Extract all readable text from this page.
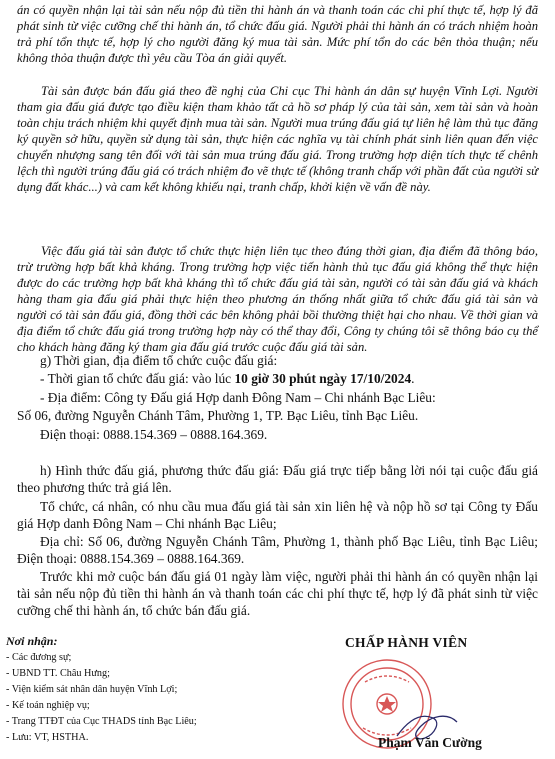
án có quyền nhận lại tài sản nếu nộp đủ tiền thi hành án và thanh toán các chi phí thực tế, hợp lý đã phát sinh từ việc cưỡng chế thi hành án, tổ chức đấu giá. Người phải thi hành án có trách nhiệm hoàn trả phí tổn thực tế, hợp lý cho người đăng ký mua tài sản. Mức phí tổn do các bên thỏa thuận; nếu không thỏa thuận được thì yêu cầu Tòa án giải quyết.
Tài sản được bán đấu giá theo đề nghị của Chi cục Thi hành án dân sự huyện Vĩnh Lợi. Người tham gia đấu giá được tạo điều kiện tham khảo tất cả hồ sơ pháp lý của tài sản, xem tài sản và hoàn toàn chịu trách nhiệm khi quyết định mua tài sản. Người mua trúng đấu giá tự liên hệ làm thủ tục đăng ký quyền sở hữu, quyền sử dụng tài sản, thực hiện các nghĩa vụ tài chính phát sinh liên quan đến việc chuyển nhượng sang tên đối với tài sản mua trúng đấu giá. Trong trường hợp diện tích thực tế chênh lệch thì người trúng đấu giá có trách nhiệm đo vẽ thực tế (không tranh chấp với phần đất của người sử dụng đất khác...) và cam kết không khiếu nại, tranh chấp, khởi kiện về vấn đề này.
Việc đấu giá tài sản được tổ chức thực hiện liên tục theo đúng thời gian, địa điểm đã thông báo, trừ trường hợp bất khả kháng. Trong trường hợp việc tiến hành thủ tục đấu giá không thể thực hiện được do các trường hợp bất khả kháng thì tổ chức đấu giá tài sản, người có tài sản đấu giá và khách hàng tham gia đấu giá phải thực hiện theo phương án thống nhất giữa tổ chức đấu giá tài sản và người có tài sản đấu giá, đồng thời các bên không phải bồi thường thiệt hại cho nhau. Về thời gian và địa điểm tổ chức đấu giá trong trường hợp này có thể thay đổi, Công ty chúng tôi sẽ thông báo cụ thể cho khách hàng đăng ký tham gia đấu giá trước cuộc đấu giá tài sản.
g) Thời gian, địa điểm tổ chức cuộc đấu giá:
- Thời gian tổ chức đấu giá: vào lúc 10 giờ 30 phút ngày 17/10/2024.
- Địa điểm: Công ty Đấu giá Hợp danh Đông Nam – Chi nhánh Bạc Liêu:
Số 06, đường Nguyễn Chánh Tâm, Phường 1, TP. Bạc Liêu, tỉnh Bạc Liêu.
Điện thoại: 0888.154.369 – 0888.164.369.
h) Hình thức đấu giá, phương thức đấu giá: Đấu giá trực tiếp bằng lời nói tại cuộc đấu giá theo phương thức trả giá lên.
Tổ chức, cá nhân, có nhu cầu mua đấu giá tài sản xin liên hệ và nộp hồ sơ tại Công ty Đấu giá Hợp danh Đông Nam – Chi nhánh Bạc Liêu;
Địa chỉ: Số 06, đường Nguyễn Chánh Tâm, Phường 1, thành phố Bạc Liêu, tỉnh Bạc Liêu; Điện thoại: 0888.154.369 – 0888.164.369.
Nơi nhận:
- Các đương sự;
- UBND TT. Châu Hưng;
- Viện kiểm sát nhân dân huyện Vĩnh Lợi;
- Kế toán nghiệp vụ;
- Trang TTĐT của Cục THADS tỉnh Bạc Liêu;
- Lưu: VT, HSTHA.
CHẤP HÀNH VIÊN
Phạm Văn Cường
Trước khi mở cuộc bán đấu giá 01 ngày làm việc, người phải thi hành án có quyền nhận lại tài sản nếu nộp đủ tiền thi hành án và thanh toán các chi phí thực tế, hợp lý đã phát sinh từ việc cưỡng chế thi hành án, tổ chức bán đấu giá.
